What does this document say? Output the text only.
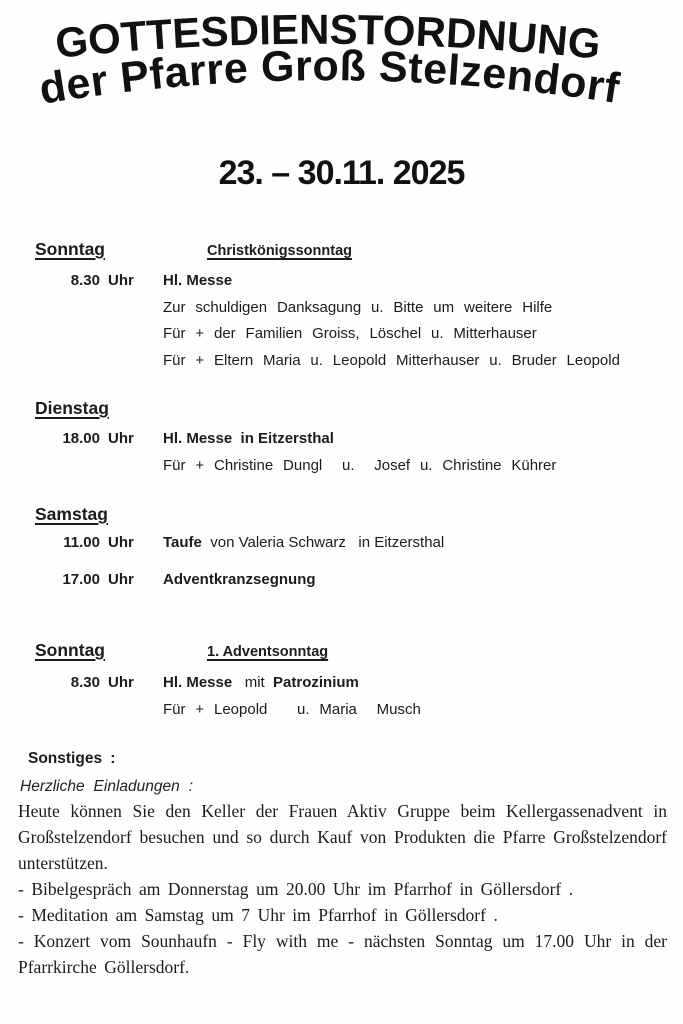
GOTTESDIENSTORDNUNG
der Pfarre Groß Stelzendorf
23. – 30.11. 2025
Sonntag	Christkönigssonntag
8.30 Uhr	Hl. Messe
Zur schuldigen Danksagung u. Bitte um weitere Hilfe
Für + der Familien Groiss, Löschel u. Mitterhauser
Für + Eltern Maria u. Leopold Mitterhauser u. Bruder Leopold
Dienstag
18.00 Uhr	Hl. Messe  in Eitzersthal
Für + Christine Dungl  u.  Josef u. Christine Kührer
Samstag
11.00 Uhr	Taufe  von Valeria Schwarz   in Eitzersthal
17.00 Uhr	Adventkranzsegnung
Sonntag	1. Adventsonntag
8.30 Uhr	Hl. Messe   mit  Patrozinium
Für + Leopold   u. Maria  Musch
Sonstiges :
Herzliche Einladungen :
Heute können Sie den Keller der Frauen Aktiv Gruppe beim Kellergassenadvent in Großstelzendorf besuchen und so durch Kauf von Produkten die Pfarre Großstelzendorf unterstützen.
- Bibelgespräch am Donnerstag um 20.00 Uhr im Pfarrhof in Göllersdorf .
- Meditation am Samstag um 7 Uhr im Pfarrhof in Göllersdorf .
- Konzert vom Sounhaufn - Fly with me - nächsten Sonntag um 17.00 Uhr in der Pfarrkirche Göllersdorf.
